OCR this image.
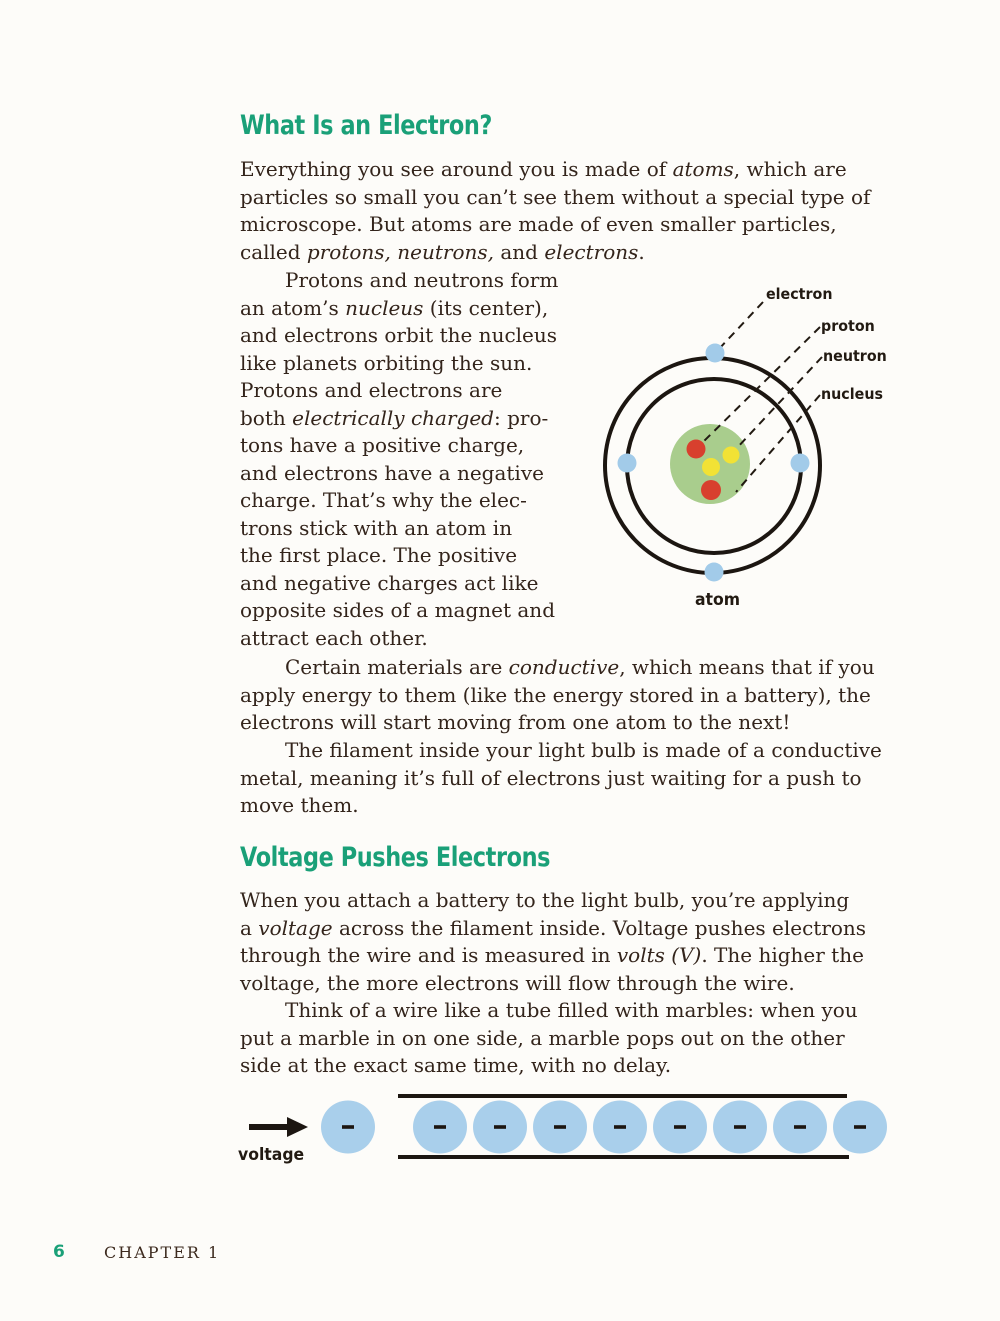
What Is an Electron?
Everything you see around you is made of atoms, which are
particles so small you can’t see them without a special type of
microscope. But atoms are made of even smaller particles,
called protons, neutrons, and electrons.
Protons and neutrons form
an atom’s nucleus (its center),
and electrons orbit the nucleus
like planets orbiting the sun.
Protons and electrons are
both electrically charged: pro-
tons have a positive charge,
and electrons have a negative
charge. That’s why the elec-
trons stick with an atom in
the first place. The positive
and negative charges act like
opposite sides of a magnet and
attract each other.
electron
proton
neutron
nucleus
atom
Certain materials are conductive, which means that if you
apply energy to them (like the energy stored in a battery), the
electrons will start moving from one atom to the next!
The filament inside your light bulb is made of a conductive
metal, meaning it’s full of electrons just waiting for a push to
move them.
Voltage Pushes Electrons
When you attach a battery to the light bulb, you’re applying
a voltage across the filament inside. Voltage pushes electrons
through the wire and is measured in volts (V). The higher the
voltage, the more electrons will flow through the wire.
Think of a wire like a tube filled with marbles: when you
put a marble in on one side, a marble pops out on the other
side at the exact same time, with no delay.
voltage
6 CHAPTER 1
